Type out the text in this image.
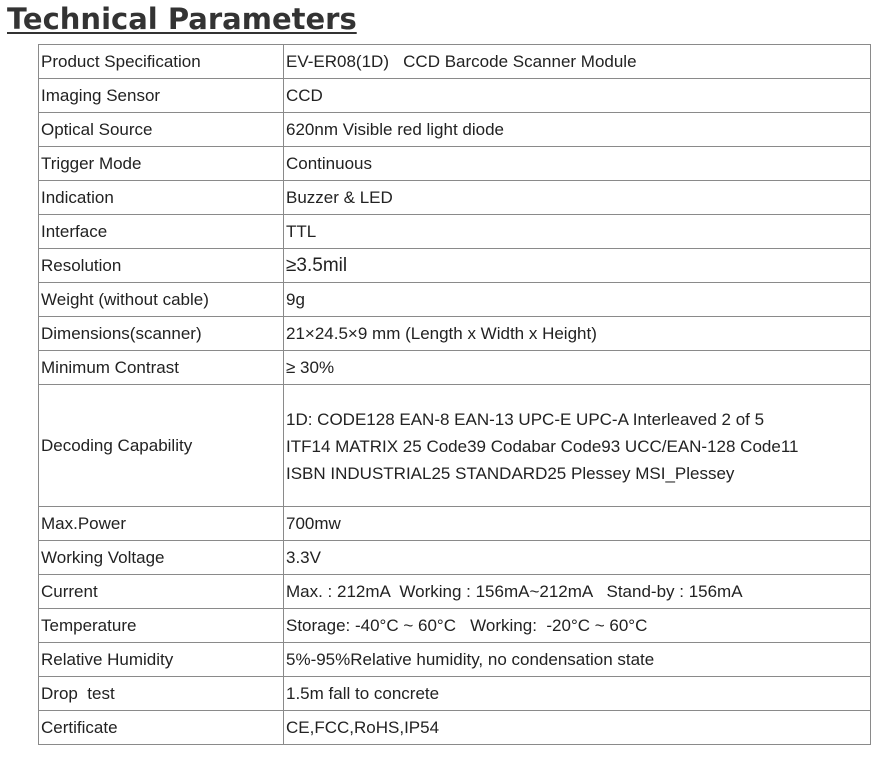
Technical Parameters
Product Specification	EV-ER08(1D)   CCD Barcode Scanner Module
Imaging Sensor	CCD
Optical Source	620nm Visible red light diode
Trigger Mode	Continuous
Indication	Buzzer & LED
Interface	TTL
Resolution	≥3.5mil
Weight (without cable)	9g
Dimensions(scanner)	21×24.5×9 mm (Length x Width x Height)
Minimum Contrast	≥ 30%
Decoding Capability	1D: CODE128 EAN-8 EAN-13 UPC-E UPC-A Interleaved 2 of 5
ITF14 MATRIX 25 Code39 Codabar Code93 UCC/EAN-128 Code11
ISBN INDUSTRIAL25 STANDARD25 Plessey MSI_Plessey

Max.Power	700mw
Working Voltage	3.3V
Current	Max. : 212mA  Working : 156mA~212mA   Stand-by : 156mA
Temperature	Storage: -40°C ~ 60°C   Working:  -20°C ~ 60°C
Relative Humidity	5%-95%Relative humidity, no condensation state
Drop  test	1.5m fall to concrete
Certificate	CE,FCC,RoHS,IP54
